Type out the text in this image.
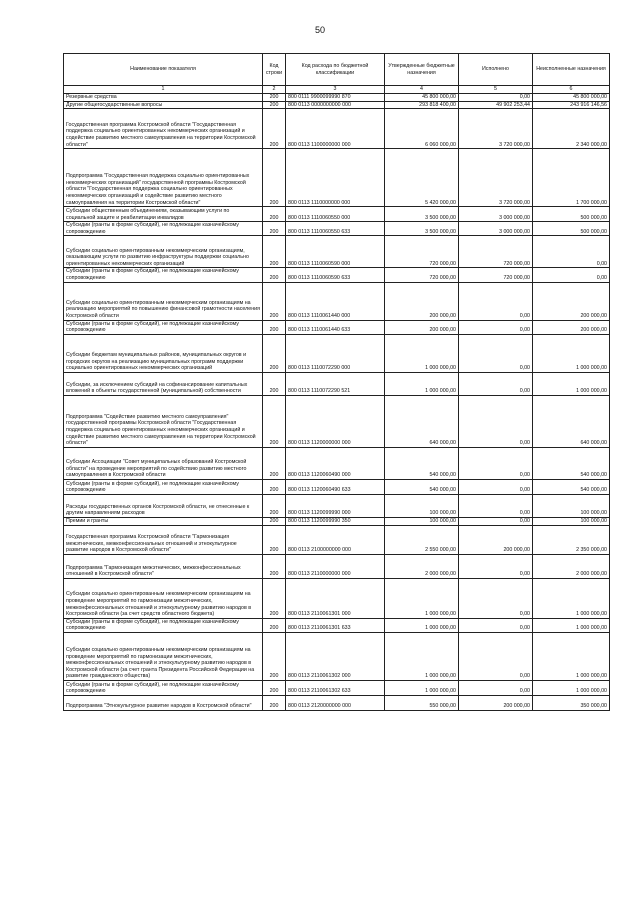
50
Наименование показателя	Код строки	Код расхода по бюджетной классификации	Утвержденные бюджетные назначения	Исполнено	Неисполненные назначения
1	2	3	4	5	6
Резервные средства	200	800 0111 9900099990 870	45 800 000,00	0,00	45 800 000,00
Другие общегосударственные вопросы	200	800 0113 0000000000 000	293 818 400,00	49 902 253,44	243 916 146,56
Государственная программа Костромской области "Государственная поддержка социально ориентированных некоммерческих организаций и содействие развитию местного самоуправления на территории Костромской области"	200	800 0113 1100000000 000	6 060 000,00	3 720 000,00	2 340 000,00
Подпрограмма "Государственная поддержка социально ориентированных некоммерческих организаций" государственной программы Костромской области "Государственная поддержка социально ориентированных некоммерческих организаций и содействие развитию местного самоуправления на территории Костромской области"	200	800 0113 1110000000 000	5 420 000,00	3 720 000,00	1 700 000,00
Субсидии общественным объединениям, оказывающим услуги по социальной защите и реабилитации инвалидов	200	800 0113 1110060550 000	3 500 000,00	3 000 000,00	500 000,00
Субсидии (гранты в форме субсидий), не подлежащие казначейскому сопровождению	200	800 0113 1110060550 633	3 500 000,00	3 000 000,00	500 000,00
Субсидии социально ориентированным некоммерческим организациям, оказывающим услуги по развитию инфраструктуры поддержки социально ориентированных некоммерческих организаций	200	800 0113 1110060590 000	720 000,00	720 000,00	0,00
Субсидии (гранты в форме субсидий), не подлежащие казначейскому сопровождению	200	800 0113 1110060590 633	720 000,00	720 000,00	0,00
Субсидии социально ориентированным некоммерческим организациям на реализацию мероприятий по повышению финансовой грамотности населения Костромской области	200	800 0113 1110061440 000	200 000,00	0,00	200 000,00
Субсидии (гранты в форме субсидий), не подлежащие казначейскому сопровождению	200	800 0113 1110061440 633	200 000,00	0,00	200 000,00
Субсидии бюджетам муниципальных районов, муниципальных округов и городских округов на реализацию муниципальных программ поддержки социально ориентированных некоммерческих организаций	200	800 0113 1110072290 000	1 000 000,00	0,00	1 000 000,00
Субсидии, за исключением субсидий на софинансирование капитальных вложений в объекты государственной (муниципальной) собственности	200	800 0113 1110072290 521	1 000 000,00	0,00	1 000 000,00
Подпрограмма "Содействие развитию местного самоуправления" государственной программы Костромской области "Государственная поддержка социально ориентированных некоммерческих организаций и содействие развитию местного самоуправления на территории Костромской области"	200	800 0113 1120000000 000	640 000,00	0,00	640 000,00
Субсидии Ассоциации "Совет муниципальных образований Костромской области" на проведение мероприятий по содействию развитию местного самоуправления в Костромской области	200	800 0113 1120060490 000	540 000,00	0,00	540 000,00
Субсидии (гранты в форме субсидий), не подлежащие казначейскому сопровождению	200	800 0113 1120060490 633	540 000,00	0,00	540 000,00
Расходы государственных органов Костромской области, не отнесенные к другим направлениям расходов	200	800 0113 1120099990 000	100 000,00	0,00	100 000,00
Премии и гранты	200	800 0113 1120099990 350	100 000,00	0,00	100 000,00
Государственная программа Костромской области "Гармонизация межэтнических, межконфессиональных отношений и этнокультурное развитие народов в Костромской области"	200	800 0113 2100000000 000	2 550 000,00	200 000,00	2 350 000,00
Подпрограмма "Гармонизация межэтнических, межконфессиональных отношений в Костромской области"	200	800 0113 2110000000 000	2 000 000,00	0,00	2 000 000,00
Субсидии социально ориентированным некоммерческим организациям на проведение мероприятий по гармонизации межэтнических, межконфессиональных отношений и этнокультурному развитию народов в Костромской области (за счет средств областного бюджета)	200	800 0113 2110061301 000	1 000 000,00	0,00	1 000 000,00
Субсидии (гранты в форме субсидий), не подлежащие казначейскому сопровождению	200	800 0113 2110061301 633	1 000 000,00	0,00	1 000 000,00
Субсидии социально ориентированным некоммерческим организациям на проведение мероприятий по гармонизации межэтнических, межконфессиональных отношений и этнокультурному развитию народов в Костромской области (за счет гранта Президента Российской Федерации на развитие гражданского общества)	200	800 0113 2110061302 000	1 000 000,00	0,00	1 000 000,00
Субсидии (гранты в форме субсидий), не подлежащие казначейскому сопровождению	200	800 0113 2110061302 633	1 000 000,00	0,00	1 000 000,00
Подпрограмма "Этнокультурное развитие народов в Костромской области"	200	800 0113 2120000000 000	550 000,00	200 000,00	350 000,00
